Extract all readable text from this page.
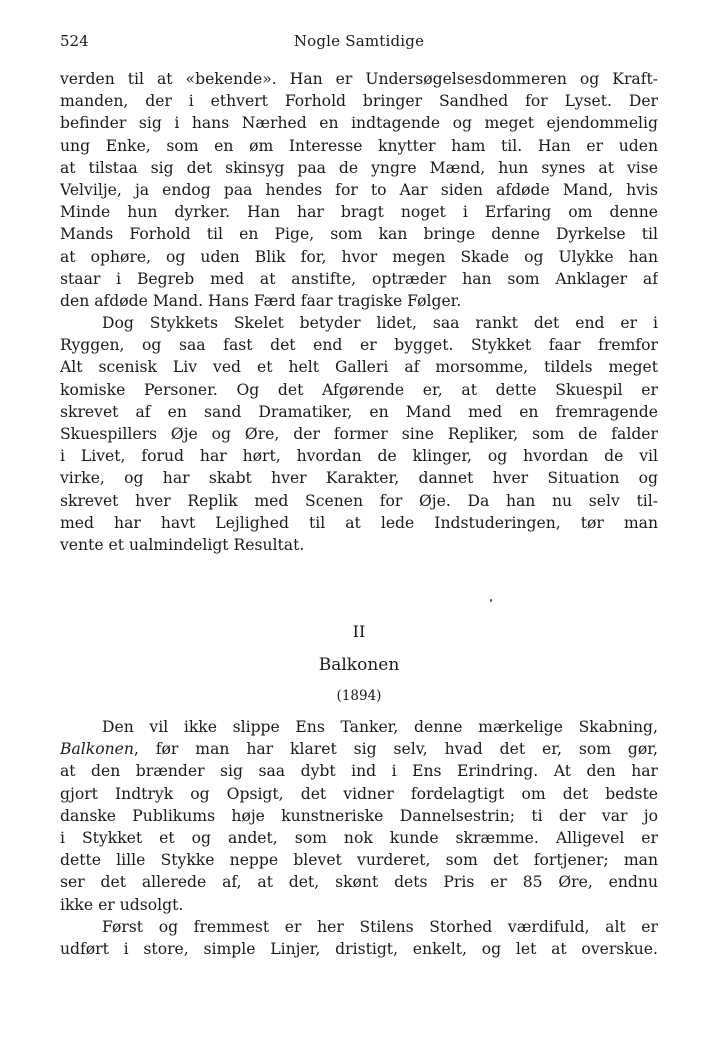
524	Nogle Samtidige
verden til at «bekende». Han er Undersøgelsesdommeren og Kraft-
manden, der i ethvert Forhold bringer Sandhed for Lyset. Der
befinder sig i hans Nærhed en indtagende og meget ejendommelig
ung Enke, som en øm Interesse knytter ham til. Han er uden
at tilstaa sig det skinsyg paa de yngre Mænd, hun synes at vise
Velvilje, ja endog paa hendes for to Aar siden afdøde Mand, hvis
Minde hun dyrker. Han har bragt noget i Erfaring om denne
Mands Forhold til en Pige, som kan bringe denne Dyrkelse til
at ophøre, og uden Blik for, hvor megen Skade og Ulykke han
staar i Begreb med at anstifte, optræder han som Anklager af
den afdøde Mand. Hans Færd faar tragiske Følger.
Dog Stykkets Skelet betyder lidet, saa rankt det end er i
Ryggen, og saa fast det end er bygget. Stykket faar fremfor
Alt scenisk Liv ved et helt Galleri af morsomme, tildels meget
komiske Personer. Og det Afgørende er, at dette Skuespil er
skrevet af en sand Dramatiker, en Mand med en fremragende
Skuespillers Øje og Øre, der former sine Repliker, som de falder
i Livet, forud har hørt, hvordan de klinger, og hvordan de vil
virke, og har skabt hver Karakter, dannet hver Situation og
skrevet hver Replik med Scenen for Øje. Da han nu selv til-
med har havt Lejlighed til at lede Indstuderingen, tør man
vente et ualmindeligt Resultat.
II
Balkonen
(1894)
Den vil ikke slippe Ens Tanker, denne mærkelige Skabning,
Balkonen, før man har klaret sig selv, hvad det er, som gør,
at den brænder sig saa dybt ind i Ens Erindring. At den har
gjort Indtryk og Opsigt, det vidner fordelagtigt om det bedste
danske Publikums høje kunstneriske Dannelsestrin; ti der var jo
i Stykket et og andet, som nok kunde skræmme. Alligevel er
dette lille Stykke neppe blevet vurderet, som det fortjener; man
ser det allerede af, at det, skønt dets Pris er 85 Øre, endnu
ikke er udsolgt.
Først og fremmest er her Stilens Storhed værdifuld, alt er
udført i store, simple Linjer, dristigt, enkelt, og let at overskue.
